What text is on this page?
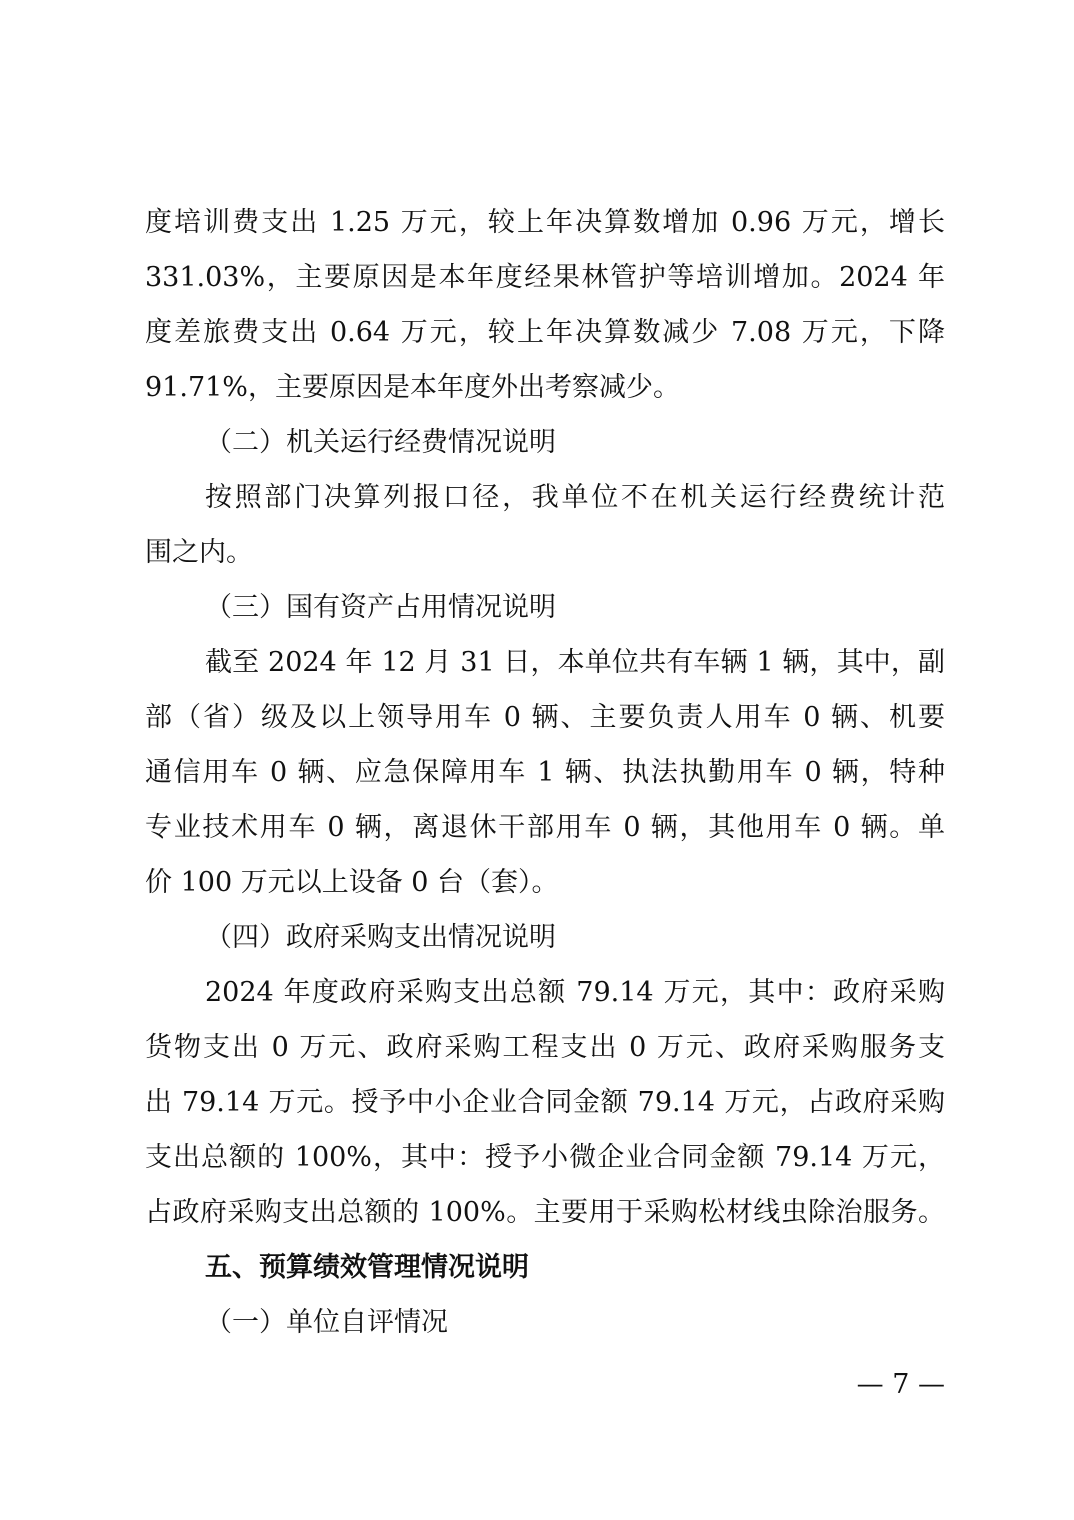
度培训费支出 1.25 万元，较上年决算数增加 0.96 万元，增长
331.03%，主要原因是本年度经果林管护等培训增加。2024 年
度差旅费支出 0.64 万元，较上年决算数减少 7.08 万元，下降
91.71%，主要原因是本年度外出考察减少。
（二）机关运行经费情况说明
按照部门决算列报口径，我单位不在机关运行经费统计范
围之内。
（三）国有资产占用情况说明
截至 2024 年 12 月 31 日，本单位共有车辆 1 辆，其中，副
部（省）级及以上领导用车 0 辆、主要负责人用车 0 辆、机要
通信用车 0 辆、应急保障用车 1 辆、执法执勤用车 0 辆，特种
专业技术用车 0 辆，离退休干部用车 0 辆，其他用车 0 辆。单
价 100 万元以上设备 0 台（套）。
（四）政府采购支出情况说明
2024 年度政府采购支出总额 79.14 万元，其中：政府采购
货物支出 0 万元、政府采购工程支出 0 万元、政府采购服务支
出 79.14 万元。授予中小企业合同金额 79.14 万元，占政府采购
支出总额的 100%，其中：授予小微企业合同金额 79.14 万元，
占政府采购支出总额的 100%。主要用于采购松材线虫除治服务。
五、预算绩效管理情况说明
（一）单位自评情况
— 7 —
